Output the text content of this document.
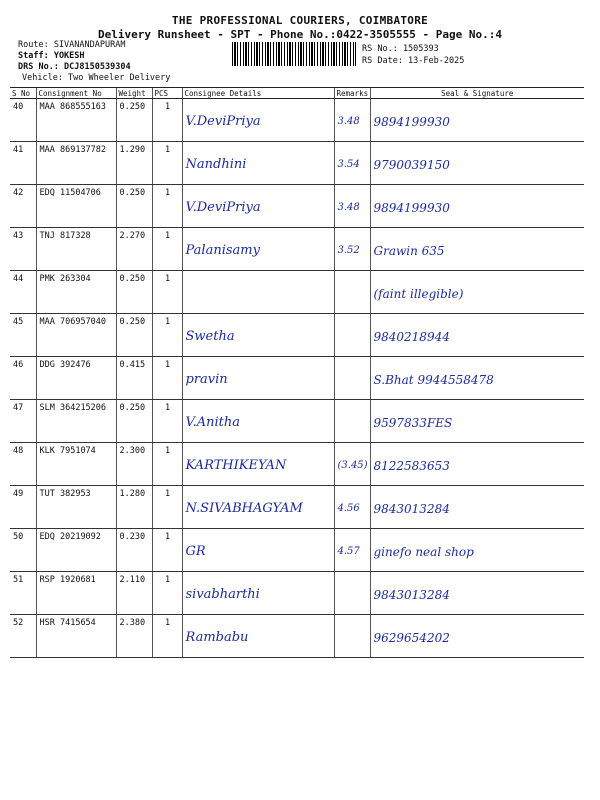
THE PROFESSIONAL COURIERS, COIMBATORE
Delivery Runsheet - SPT - Phone No.:0422-3505555 - Page No.:4
Route: SIVANANDAPURAM
Staff: YOKESH
DRS No.: DCJ8150539304
Vehicle: Two Wheeler Delivery
RS No.: 1505393
RS Date: 13-Feb-2025
S No	Consignment No	Weight	PCS	Consignee Details	Remarks	Seal & Signature
40	MAA 868555163	0.250	1	V.DeviPriya	3.48	9894199930
41	MAA 869137782	1.290	1	Nandhini	3.54	9790039150
42	EDQ 11504706	0.250	1	V.DeviPriya	3.48	9894199930
43	TNJ 817328	2.270	1	Palanisamy	3.52	Grawin 635
44	PMK 263304	0.250	1			(faint illegible)
45	MAA 706957040	0.250	1	Swetha		9840218944
46	DDG 392476	0.415	1	pravin		S.Bhat 9944558478
47	SLM 364215206	0.250	1	V.Anitha		9597833FES
48	KLK 7951074	2.300	1	KARTHIKEYAN	(3.45)	8122583653
49	TUT 382953	1.280	1	N.SIVABHAGYAM	4.56	9843013284
50	EDQ 20219092	0.230	1	GR	4.57	ginefo neal shop
51	RSP 1920681	2.110	1	sivabharthi		9843013284
52	HSR 7415654	2.380	1	Rambabu		9629654202
